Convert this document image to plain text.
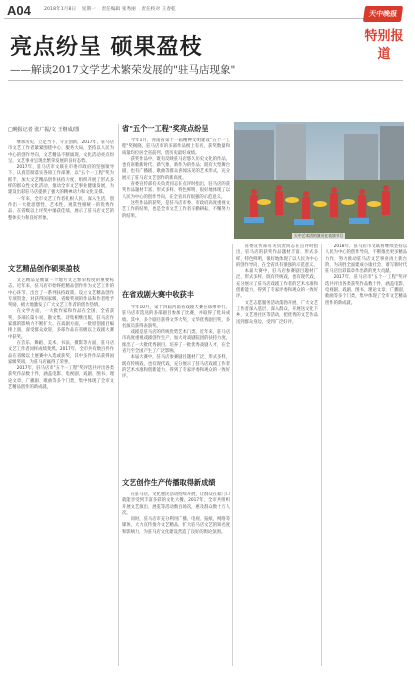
A04	2018年1月8日 星期一 责任编辑 张秀丽 责任校对 王春乾
天中晚报
特别报道
亮点纷呈 硕果盈枝
——解读2017文学艺术繁荣发展的"驻马店现象"
□晚报记者 张广振/文 王继成/图

继承历史、立足当下、守正创新，2017年，驻马店市文艺工作者紧紧围绕中心、服务大局，坚持以人民为中心的创作导向，文艺精品不断涌现，文化活动亮点纷呈，文艺事业呈现出繁荣发展的良好态势。

2017年，驻马店市文联在市委市政府的坚强领导下，认真贯彻落实各项工作部署，以"五个一工程"奖为抓手，加大文艺精品创作扶持力度，组织开展了形式多样的群众性文化活动，推动全市文艺事业健康发展，为建设出彩驻马店提供了强大的精神动力和文化支撑。

一年来，全市文艺工作者扎根人民、深入生活，创作出一大批思想性、艺术性、观赏性相统一的优秀作品，在省级以上评奖中屡获佳绩，展示了驻马店文艺的整体实力和良好形象。

文艺精品创作硕果盈枝

文艺精品是衡量一个地方文艺繁荣程度的重要标志。近年来，驻马店市始终把精品创作作为文艺工作的中心环节，出台了一系列扶持政策，设立文艺精品创作专项资金，对获得国家级、省级奖项的作品和作者给予奖励，极大地激发了广大文艺工作者的创作热情。

在文学方面，一大批作家和作品在全国、全省获奖，多部长篇小说、散文集、诗集相继出版，驻马店作家群的影响力不断扩大。在戏剧方面，一批原创剧目编排上演，深受群众欢迎，多部作品在省级以上戏剧大赛中获奖。

在音乐、舞蹈、美术、书法、摄影等方面，驻马店文艺工作者同样成绩斐然。2017年，全市共有数百件作品在省级以上展赛中入选或获奖，其中多件作品获得国家级奖项，为驻马店赢得了荣誉。

2017年，驻马店市"五个一工程"奖评选共评出各类获奖作品数十件，涵盖电影、电视剧、戏剧、图书、理论文章、广播剧、歌曲等多个门类，集中体现了全市文艺精品创作的新成就。

省"五个一工程"奖亮点纷呈

今年1月，河南省第十一届精神文明建设"五个一工程"奖揭晓，驻马店市的多部作品榜上有名，获奖数量和质量均位居全省前列，创历史最好成绩。

获奖作品中，既有反映驻马店悠久历史文化的作品，也有讴歌新时代、新气象、新作为的作品；既有大型舞台剧，也有广播剧、歌曲等群众喜闻乐见的艺术形式，充分展示了驻马店文艺创作的新高度。

省委宣传部有关负责同志在点评时指出，驻马店的获奖作品题材丰富、形式多样、特色鲜明，很好地体现了以人民为中心的创作导向，在全省具有很强的示范意义。

这些作品的获奖，是驻马店市委、市政府高度重视文艺工作的结果，也是全市文艺工作者辛勤耕耘、不懈努力的结果。

天中艺术团的演员在表演节目
在省戏剧大赛中收获丰

今年10月，第十四届河南省戏剧大赛在郑州举行。驻马店市选送的多部剧目参加了比赛，并取得了优异成绩。其中，多个剧目获得文华大奖、文华优秀剧目奖，多名演员获得表演奖。

戏剧是驻马店的传统优势艺术门类。近年来，驻马店市高度重视戏剧创作生产，加大对戏剧院团的扶持力度，推出了一大批优秀剧目，培养了一批优秀戏剧人才，在全省乃至全国产生了广泛影响。

本届大赛中，驻马店参赛剧目题材广泛、形式多样，既有传统戏，也有现代戏，充分展示了驻马店戏剧工作者的艺术水准和创新能力，得到了专家评委和观众的一致好评。

文艺创作生产传播取得新成绩

在驻马店，文化惠民活动持续开展，让群众在家门口就能享受到丰富多彩的文化大餐。2017年，全市共组织开展文艺演出、展览等活动数百场次，惠及群众数十万人次。

同时，驻马店市充分利用广播、电视、报纸、网络等媒体，大力宣传推介文艺精品，扩大驻马店文艺的知名度和影响力，为驻马店文化建设营造了良好的舆论氛围。

省委宣传部有关负责同志在点评时指出，驻马店的获奖作品题材丰富、形式多样、特色鲜明，很好地体现了以人民为中心的创作导向，在全省具有很强的示范意义。

本届大赛中，驻马店参赛剧目题材广泛、形式多样，既有传统戏，也有现代戏，充分展示了驻马店戏剧工作者的艺术水准和创新能力，得到了专家评委和观众的一致好评。

文艺志愿服务活动蓬勃开展，广大文艺工作者深入基层、深入群众，开展送文化下乡、文艺进社区等活动，把优秀的文艺作品送到群众身边，受到广泛好评。

2018年，驻马店市文联将继续坚持以人民为中心的创作导向，不断推出更多精品力作，努力推动驻马店文艺事业再上新台阶，为决胜全面建成小康社会、谱写新时代驻马店出彩篇章作出新的更大贡献。

2017年，驻马店市"五个一工程"奖评选共评出各类获奖作品数十件，涵盖电影、电视剧、戏剧、图书、理论文章、广播剧、歌曲等多个门类，集中体现了全市文艺精品创作的新成就。
